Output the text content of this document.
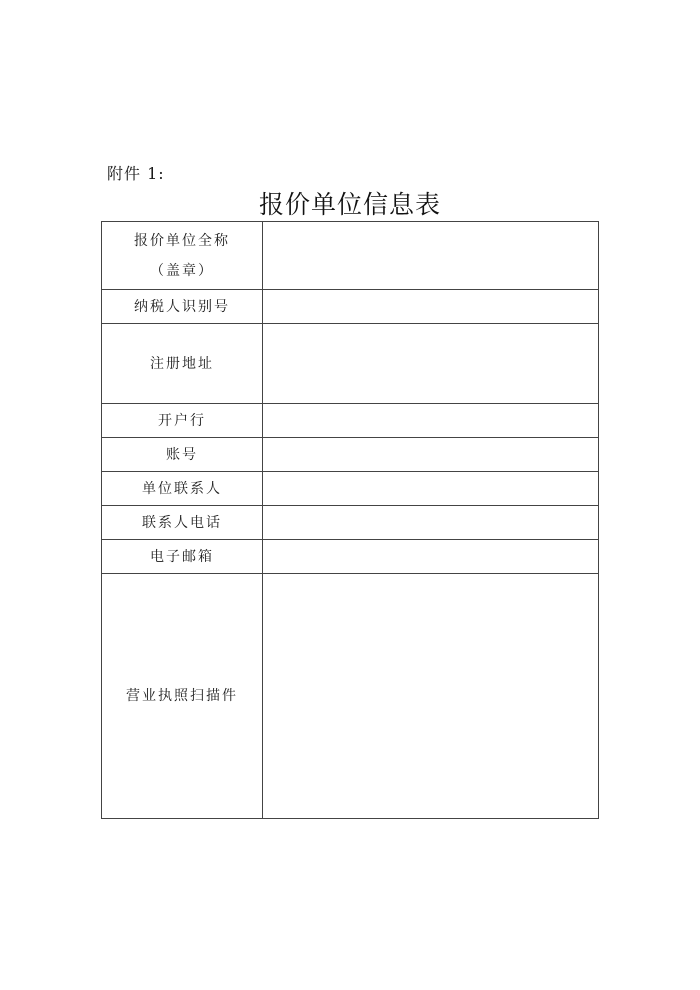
附件 1:
报价单位信息表
报价单位全称
（盖章）	

纳税人识别号	
注册地址	
开户行	
账号	
单位联系人	
联系人电话	
电子邮箱	
营业执照扫描件	
